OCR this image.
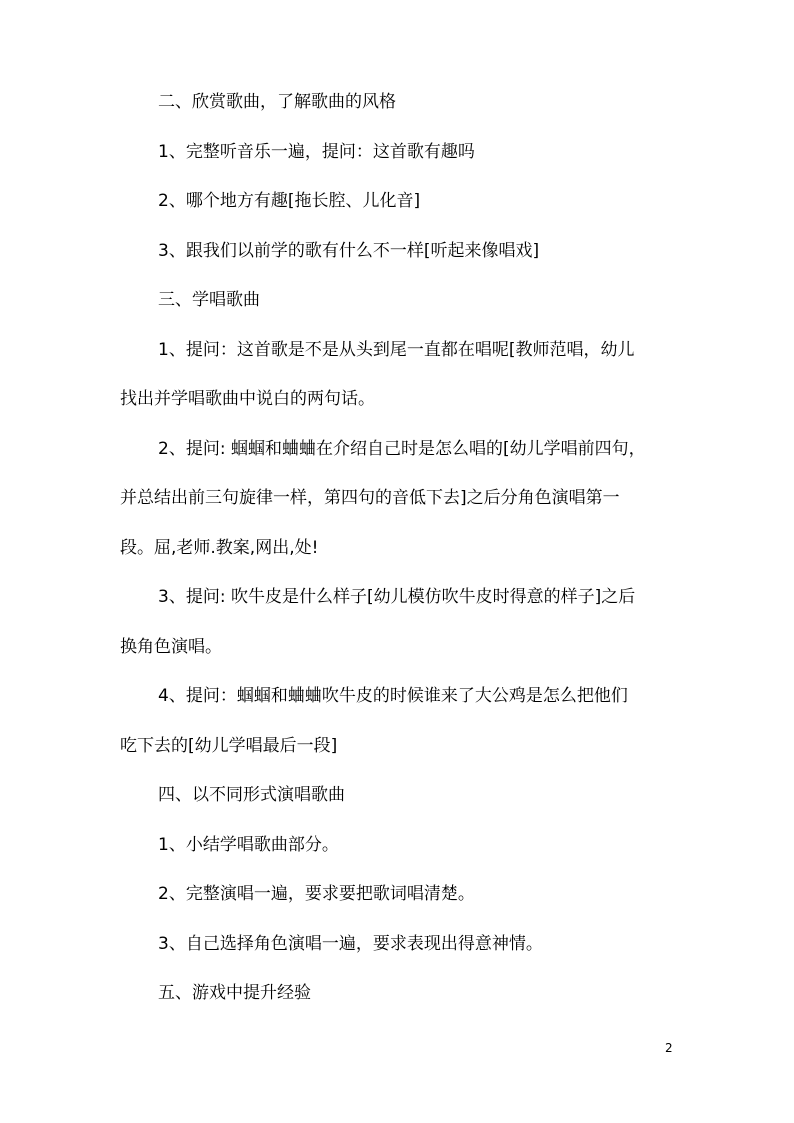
二、欣赏歌曲，了解歌曲的风格
1、完整听音乐一遍，提问：这首歌有趣吗
2、哪个地方有趣[拖长腔、儿化音]
3、跟我们以前学的歌有什么不一样[听起来像唱戏]
三、学唱歌曲
1、提问：这首歌是不是从头到尾一直都在唱呢[教师范唱，幼儿
找出并学唱歌曲中说白的两句话。
2、提问: 蝈蝈和蛐蛐在介绍自己时是怎么唱的[幼儿学唱前四句，
并总结出前三句旋律一样，第四句的音低下去]之后分角色演唱第一
段。屈,老师.教案,网出,处!
3、提问: 吹牛皮是什么样子[幼儿模仿吹牛皮时得意的样子]之后
换角色演唱。
4、提问：蝈蝈和蛐蛐吹牛皮的时候谁来了大公鸡是怎么把他们
吃下去的[幼儿学唱最后一段]
四、以不同形式演唱歌曲
1、小结学唱歌曲部分。
2、完整演唱一遍，要求要把歌词唱清楚。
3、自己选择角色演唱一遍，要求表现出得意神情。
五、游戏中提升经验
2
